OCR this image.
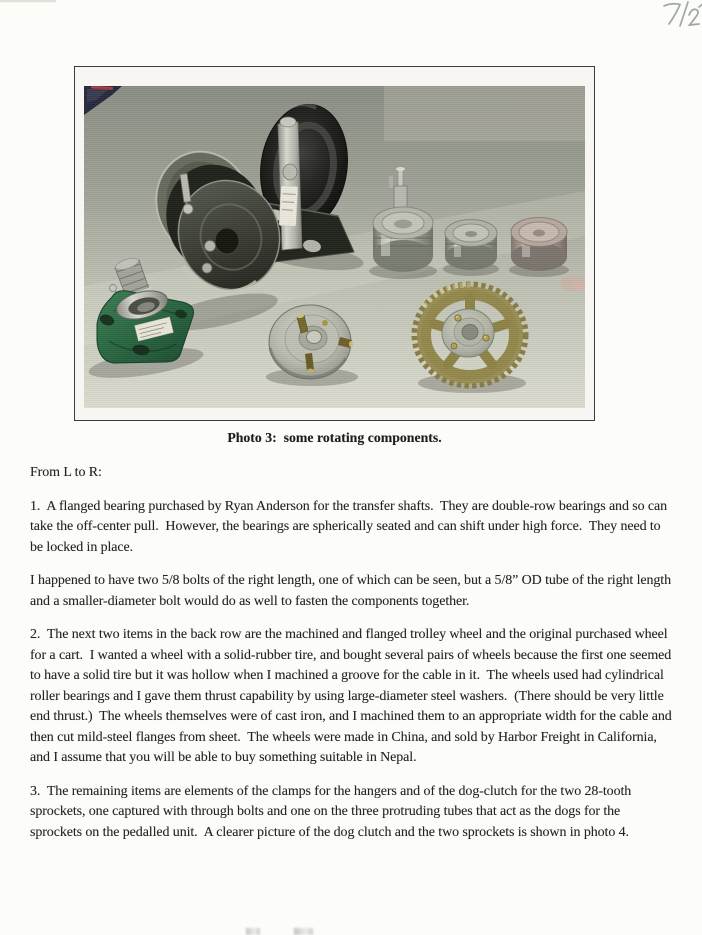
Photo 3:  some rotating components.

From L to R:

1.  A flanged bearing purchased by Ryan Anderson for the transfer shafts.  They are double-row bearings and so can take the off-center pull.  However, the bearings are spherically seated and can shift under high force.  They need to be locked in place.

I happened to have two 5/8 bolts of the right length, one of which can be seen, but a 5/8” OD tube of the right length and a smaller-diameter bolt would do as well to fasten the components together.

2.  The next two items in the back row are the machined and flanged trolley wheel and the original purchased wheel for a cart.  I wanted a wheel with a solid-rubber tire, and bought several pairs of wheels because the first one seemed to have a solid tire but it was hollow when I machined a groove for the cable in it.  The wheels used had cylindrical roller bearings and I gave them thrust capability by using large-diameter steel washers.  (There should be very little end thrust.)  The wheels themselves were of cast iron, and I machined them to an appropriate width for the cable and then cut mild-steel flanges from sheet.  The wheels were made in China, and sold by Harbor Freight in California, and I assume that you will be able to buy something suitable in Nepal.

3.  The remaining items are elements of the clamps for the hangers and of the dog-clutch for the two 28-tooth sprockets, one captured with through bolts and one on the three protruding tubes that act as the dogs for the sprockets on the pedalled unit.  A clearer picture of the dog clutch and the two sprockets is shown in photo 4.
